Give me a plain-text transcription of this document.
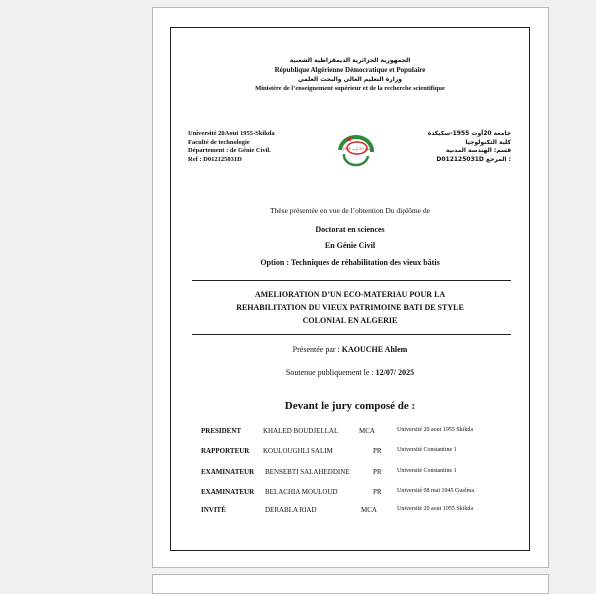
الجمهورية الجزائرية الديمقراطية الشعبية
République Algérienne Démocratique et Populaire
وزارة التعليم العالي والبحث العلمي
Ministère de l’enseignement supérieur et de la recherche scientifique
Université 20Aout 1955-Skikda
Faculté de technologie
Département : de Génie Civil.
Ref : D012125031D
جامعة 20 أوت 1955
جامعة 20أوت 1955-سكيكدة
كلية التكنولوجيا
قسم: الهندسة المدنية
D012125031D المرجع :
Thèse présentée en vue de l’obtention Du diplôme de
Doctorat en sciences
En Génie Civil
Option : Techniques de réhabilitation des vieux bâtis
AMELIORATION D’UN ECO-MATERIAU POUR LA
REHABILITATION DU VIEUX PATRIMOINE BATI DE STYLE
COLONIAL EN ALGERIE
Présentée par : KAOUCHE Ahlem
Soutenue publiquement le : 12/07/ 2025
Devant le jury composé de :
PRESIDENT	KHALED BOUDJELLAL	MCA	Université 20 aout 1955 Skikda
RAPPORTEUR KOULOUGHLI SALIM	PR	Université Constantine 1
EXAMINATEUR BENSEBTI SALAHEDDINE	PR	Université Constantine 1
EXAMINATEUR BELACHIA MOULOUD	PR	Université 08 mai 1945 Guelma
INVITÉ	DERABLA RIAD	MCA	Université 20 aout 1955 Skikda
